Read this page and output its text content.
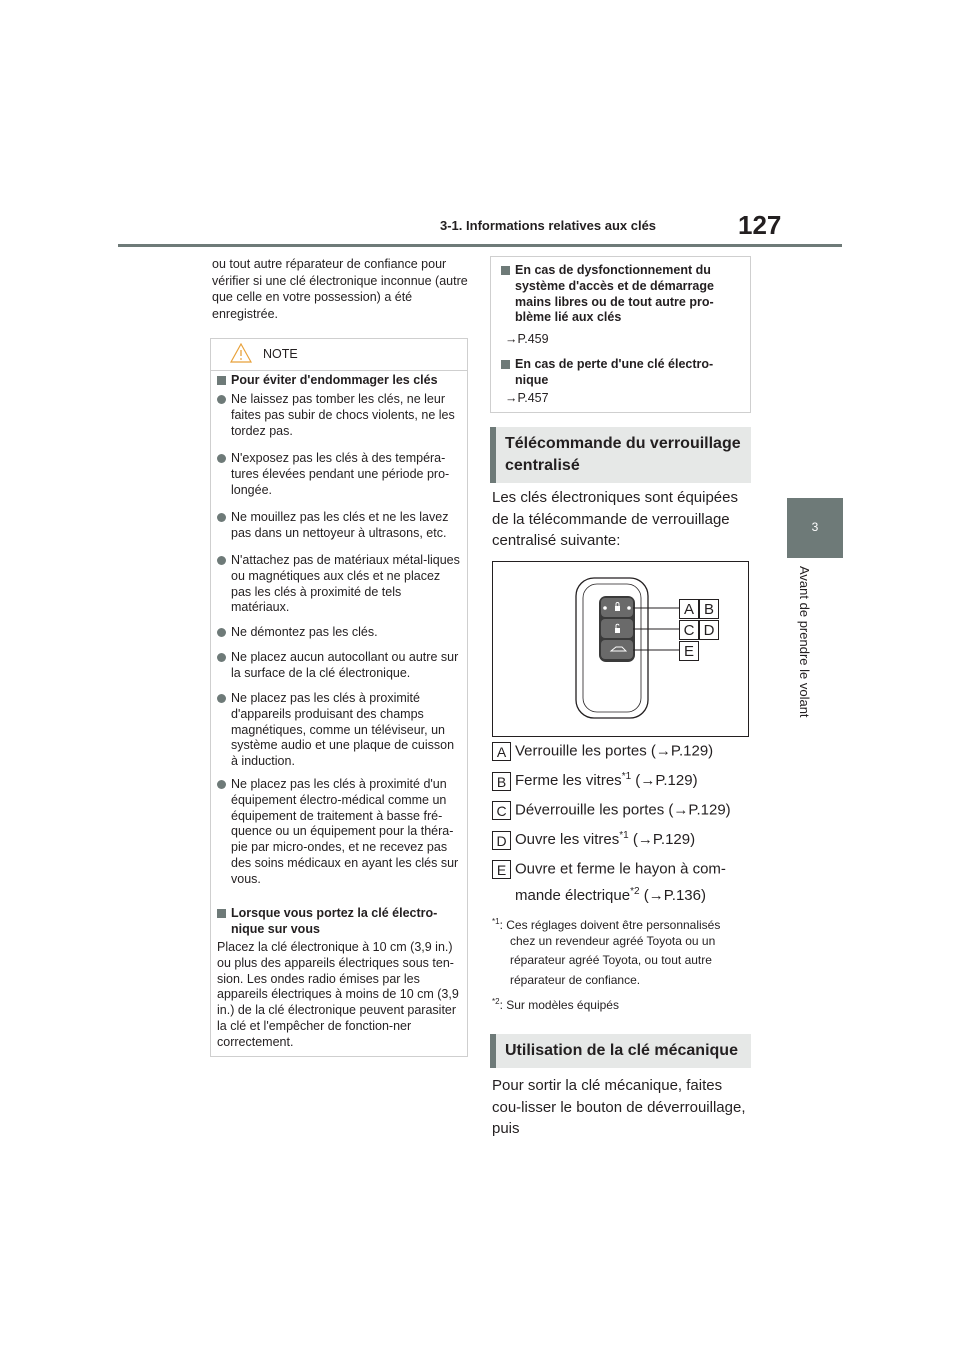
3-1. Informations relatives aux clés	127
3
Avant de prendre le volant
ou tout autre réparateur de confiance pour vérifier si une clé électronique inconnue (autre que celle en votre possession) a été enregistrée.
NOTE
Pour éviter d'endommager les clés
Ne laissez pas tomber les clés, ne leur faites pas subir de chocs violents, ne les tordez pas.
N'exposez pas les clés à des tempéra-tures élevées pendant une période pro-longée.
Ne mouillez pas les clés et ne les lavez pas dans un nettoyeur à ultrasons, etc.
N'attachez pas de matériaux métal-liques ou magnétiques aux clés et ne placez pas les clés à proximité de tels matériaux.
Ne démontez pas les clés.
Ne placez aucun autocollant ou autre sur la surface de la clé électronique.
Ne placez pas les clés à proximité d'appareils produisant des champs magnétiques, comme un téléviseur, un système audio et une plaque de cuisson à induction.
Ne placez pas les clés à proximité d'un équipement électro-médical comme un équipement de traitement à basse fré-quence ou un équipement pour la théra-pie par micro-ondes, et ne recevez pas des soins médicaux en ayant les clés sur vous.
Lorsque vous portez la clé électro-nique sur vous
Placez la clé électronique à 10 cm (3,9 in.) ou plus des appareils électriques sous ten-sion. Les ondes radio émises par les appareils électriques à moins de 10 cm (3,9 in.) de la clé électronique peuvent parasiter la clé et l'empêcher de fonction-ner correctement.
En cas de dysfonctionnement du système d'accès et de démarrage mains libres ou de tout autre pro-blème lié aux clés
→P.459
En cas de perte d'une clé électro-nique
→P.457
Télécommande du verrouillage
centralisé
Les clés électroniques sont équipées de la télécommande de verrouillage centralisé suivante:
A B
C D
E
A Verrouille les portes (→P.129)
B Ferme les vitres$^{*1}$ (→P.129)
C Déverrouille les portes (→P.129)
D Ouvre les vitres$^{*1}$ (→P.129)
E Ouvre et ferme le hayon à com-
mande électrique$^{*2}$ (→P.136)
$^{*1}$: Ces réglages doivent être personnalisés
chez un revendeur agréé Toyota ou un
réparateur agréé Toyota, ou tout autre
réparateur de confiance.
$^{*2}$: Sur modèles équipés
Utilisation de la clé mécanique
Pour sortir la clé mécanique, faites cou-lisser le bouton de déverrouillage, puis
